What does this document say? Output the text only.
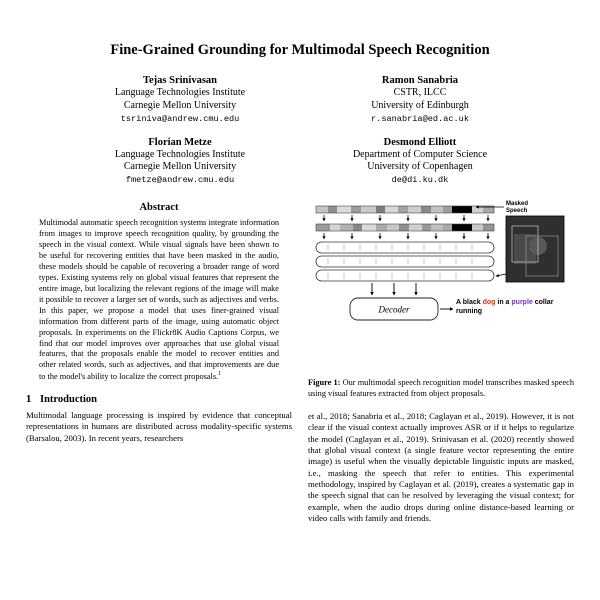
Fine-Grained Grounding for Multimodal Speech Recognition
Tejas Srinivasan
Language Technologies Institute
Carnegie Mellon University
tsriniva@andrew.cmu.edu
Ramon Sanabria
CSTR, ILCC
University of Edinburgh
r.sanabria@ed.ac.uk
Florian Metze
Language Technologies Institute
Carnegie Mellon University
fmetze@andrew.cmu.edu
Desmond Elliott
Department of Computer Science
University of Copenhagen
de@di.ku.dk
Abstract

Multimodal automatic speech recognition systems integrate information from images to improve speech recognition quality, by grounding the speech in the visual context. While visual signals have been shown to be useful for recovering entities that have been masked in the audio, these models should be capable of recovering a broader range of word types. Existing systems rely on global visual features that represent the entire image, but localizing the relevant regions of the image will make it possible to recover a larger set of words, such as adjectives and verbs. In this paper, we propose a model that uses finer-grained visual information from different parts of the image, using automatic object proposals. In experiments on the Flickr8K Audio Captions Corpus, we find that our model improves over approaches that use global visual features, that the proposals enable the model to recover entities and other related words, such as adjectives, and that improvements are due to the model's ability to localize the correct proposals.$^1$

1 Introduction

Multimodal language processing is inspired by evidence that conceptual representations in humans are distributed across modality-specific systems (Barsalou, 2003). In recent years, researchers

Decoder
Masked
Speech
A black dog in a purple collar running

Figure 1: Our multimodal speech recognition model transcribes masked speech using visual features extracted from object proposals.

et al., 2018; Sanabria et al., 2018; Caglayan et al., 2019). However, it is not clear if the visual context actually improves ASR or if it helps to regularize the model (Caglayan et al., 2019). Srinivasan et al. (2020) recently showed that global visual context (a single feature vector representing the entire image) is useful when the visually depictable linguistic inputs are masked, i.e., masking the speech that refer to entities. This experimental methodology, inspired by Caglayan et al. (2019), creates a systematic gap in the speech signal that can be resolved by leveraging the visual context; for example, when the audio drops during online distance-based learning or video calls with family and friends.
